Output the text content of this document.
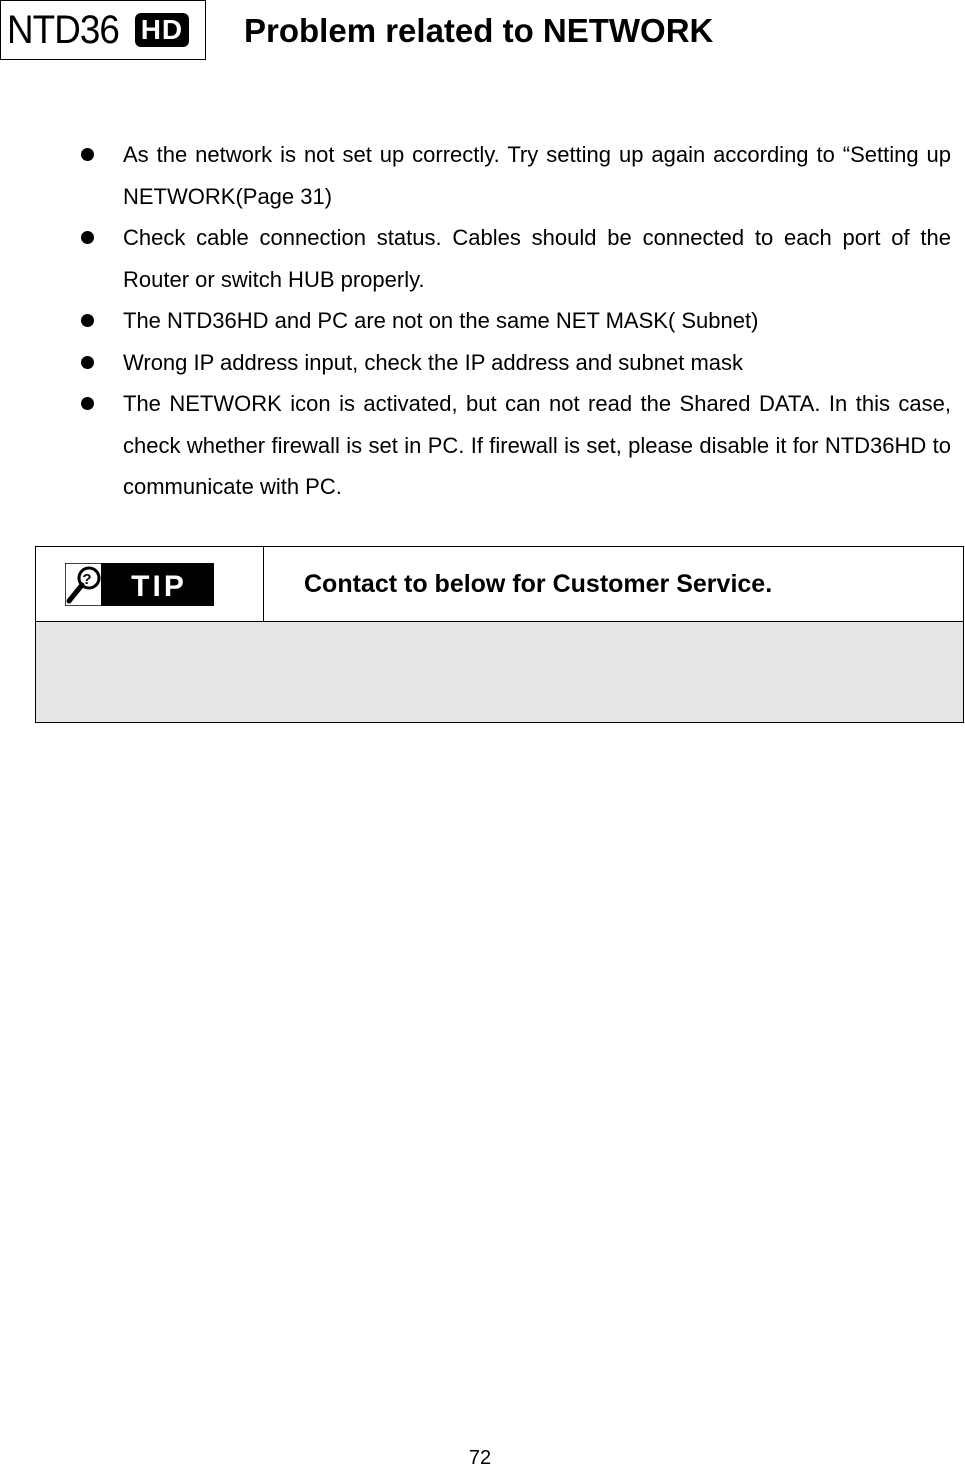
NTD36 HD Problem related to NETWORK
As the network is not set up correctly. Try setting up again according to “Setting up NETWORK(Page 31)
Check cable connection status. Cables should be connected to each port of the Router or switch HUB properly.
The NTD36HD and PC are not on the same NET MASK( Subnet)
Wrong IP address input, check the IP address and subnet mask
The NETWORK icon is activated, but can not read the Shared DATA. In this case, check whether firewall is set in PC. If firewall is set, please disable it for NTD36HD to communicate with PC.
? TIP	Contact to below for Customer Service.
72
